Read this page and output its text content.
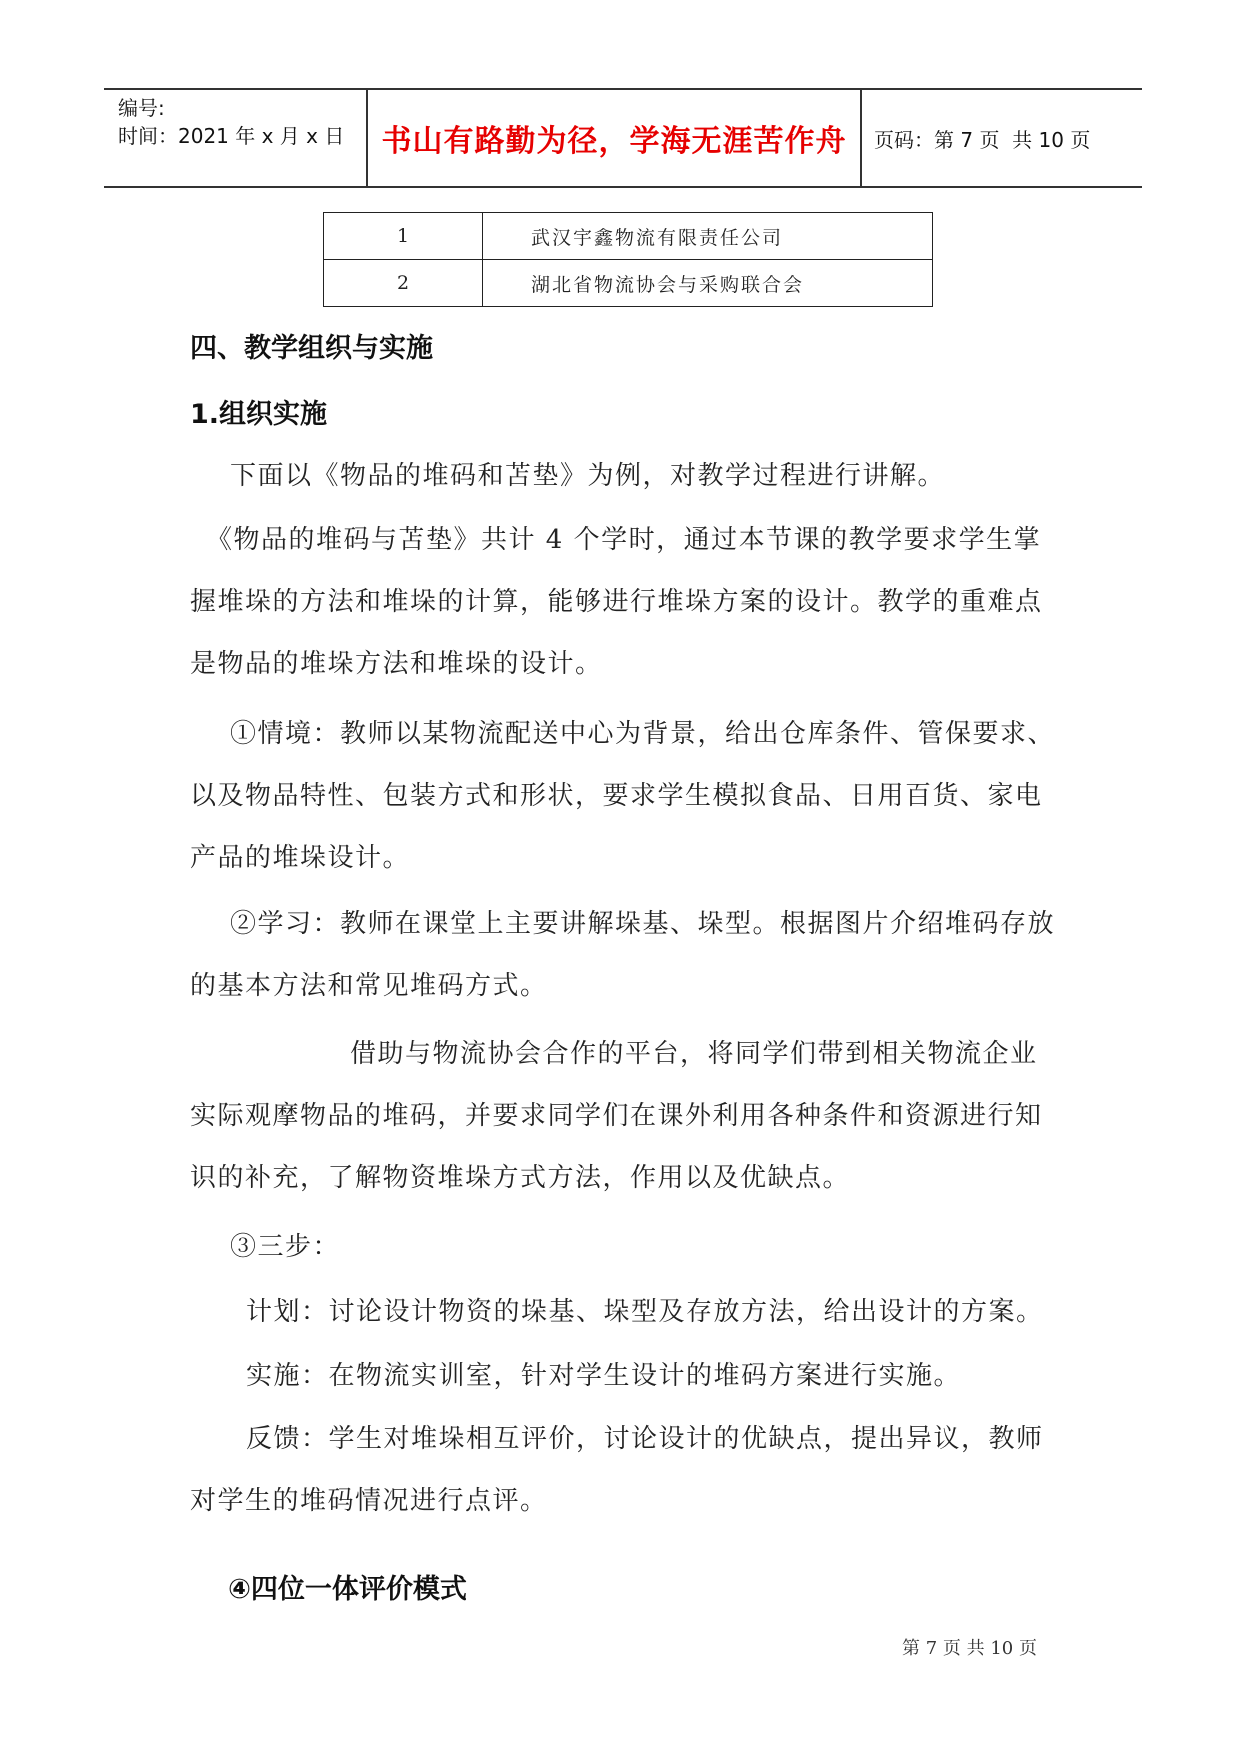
编号:
时间：2021 年 x 月 x 日	书山有路勤为径，学海无涯苦作舟	页码：第 7 页  共 10 页
1	武汉宇鑫物流有限责任公司
2	湖北省物流协会与采购联合会
四、教学组织与实施
1.组织实施
下面以《物品的堆码和苫垫》为例，对教学过程进行讲解。
《物品的堆码与苫垫》共计 4 个学时，通过本节课的教学要求学生掌握堆垛的方法和堆垛的计算，能够进行堆垛方案的设计。教学的重难点是物品的堆垛方法和堆垛的设计。
①情境：教师以某物流配送中心为背景，给出仓库条件、管保要求、以及物品特性、包装方式和形状，要求学生模拟食品、日用百货、家电产品的堆垛设计。
②学习：教师在课堂上主要讲解垛基、垛型。根据图片介绍堆码存放的基本方法和常见堆码方式。
借助与物流协会合作的平台，将同学们带到相关物流企业实际观摩物品的堆码，并要求同学们在课外利用各种条件和资源进行知识的补充，了解物资堆垛方式方法，作用以及优缺点。
③三步：
计划：讨论设计物资的垛基、垛型及存放方法，给出设计的方案。
实施：在物流实训室，针对学生设计的堆码方案进行实施。
反馈：学生对堆垛相互评价，讨论设计的优缺点，提出异议，教师对学生的堆码情况进行点评。
④四位一体评价模式
第 7 页 共 10 页
